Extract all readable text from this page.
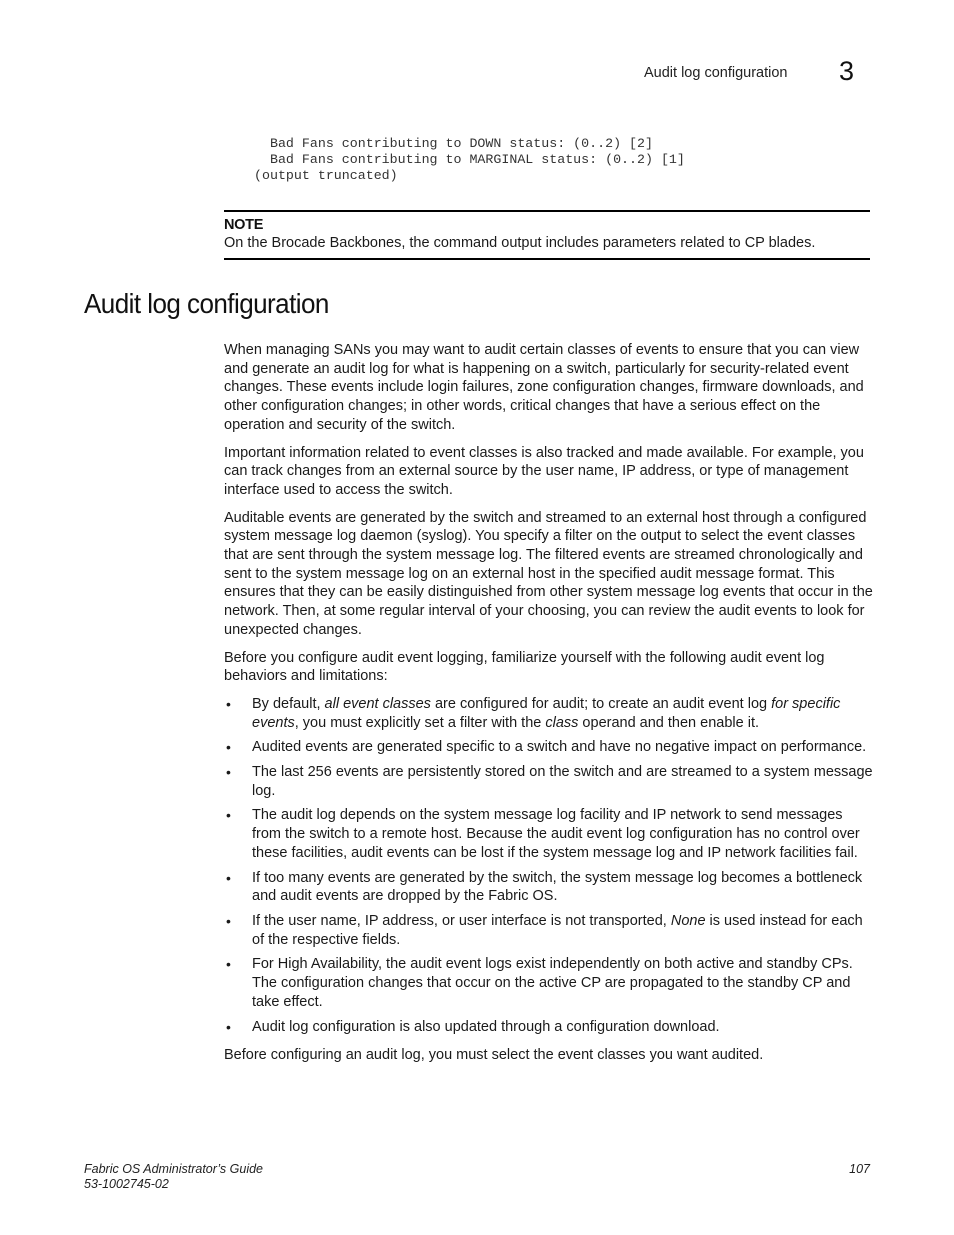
Audit log configuration 3
Bad Fans contributing to DOWN status: (0..2) [2]
Bad Fans contributing to MARGINAL status: (0..2) [1]
(output truncated)
NOTE
On the Brocade Backbones, the command output includes parameters related to CP blades.
Audit log configuration

When managing SANs you may want to audit certain classes of events to ensure that you can view and generate an audit log for what is happening on a switch, particularly for security-related event changes. These events include login failures, zone configuration changes, firmware downloads, and other configuration changes; in other words, critical changes that have a serious effect on the operation and security of the switch.

Important information related to event classes is also tracked and made available. For example, you can track changes from an external source by the user name, IP address, or type of management interface used to access the switch.

Auditable events are generated by the switch and streamed to an external host through a configured system message log daemon (syslog). You specify a filter on the output to select the event classes that are sent through the system message log. The filtered events are streamed chronologically and sent to the system message log on an external host in the specified audit message format. This ensures that they can be easily distinguished from other system message log events that occur in the network. Then, at some regular interval of your choosing, you can review the audit events to look for unexpected changes.

Before you configure audit event logging, familiarize yourself with the following audit event log behaviors and limitations:

• By default, all event classes are configured for audit; to create an audit event log for specific events, you must explicitly set a filter with the class operand and then enable it.
• Audited events are generated specific to a switch and have no negative impact on performance.
• The last 256 events are persistently stored on the switch and are streamed to a system message log.
• The audit log depends on the system message log facility and IP network to send messages from the switch to a remote host. Because the audit event log configuration has no control over these facilities, audit events can be lost if the system message log and IP network facilities fail.
• If too many events are generated by the switch, the system message log becomes a bottleneck and audit events are dropped by the Fabric OS.
• If the user name, IP address, or user interface is not transported, None is used instead for each of the respective fields.
• For High Availability, the audit event logs exist independently on both active and standby CPs. The configuration changes that occur on the active CP are propagated to the standby CP and take effect.
• Audit log configuration is also updated through a configuration download.

Before configuring an audit log, you must select the event classes you want audited.

Fabric OS Administrator’s Guide
53-1002745-02
107
